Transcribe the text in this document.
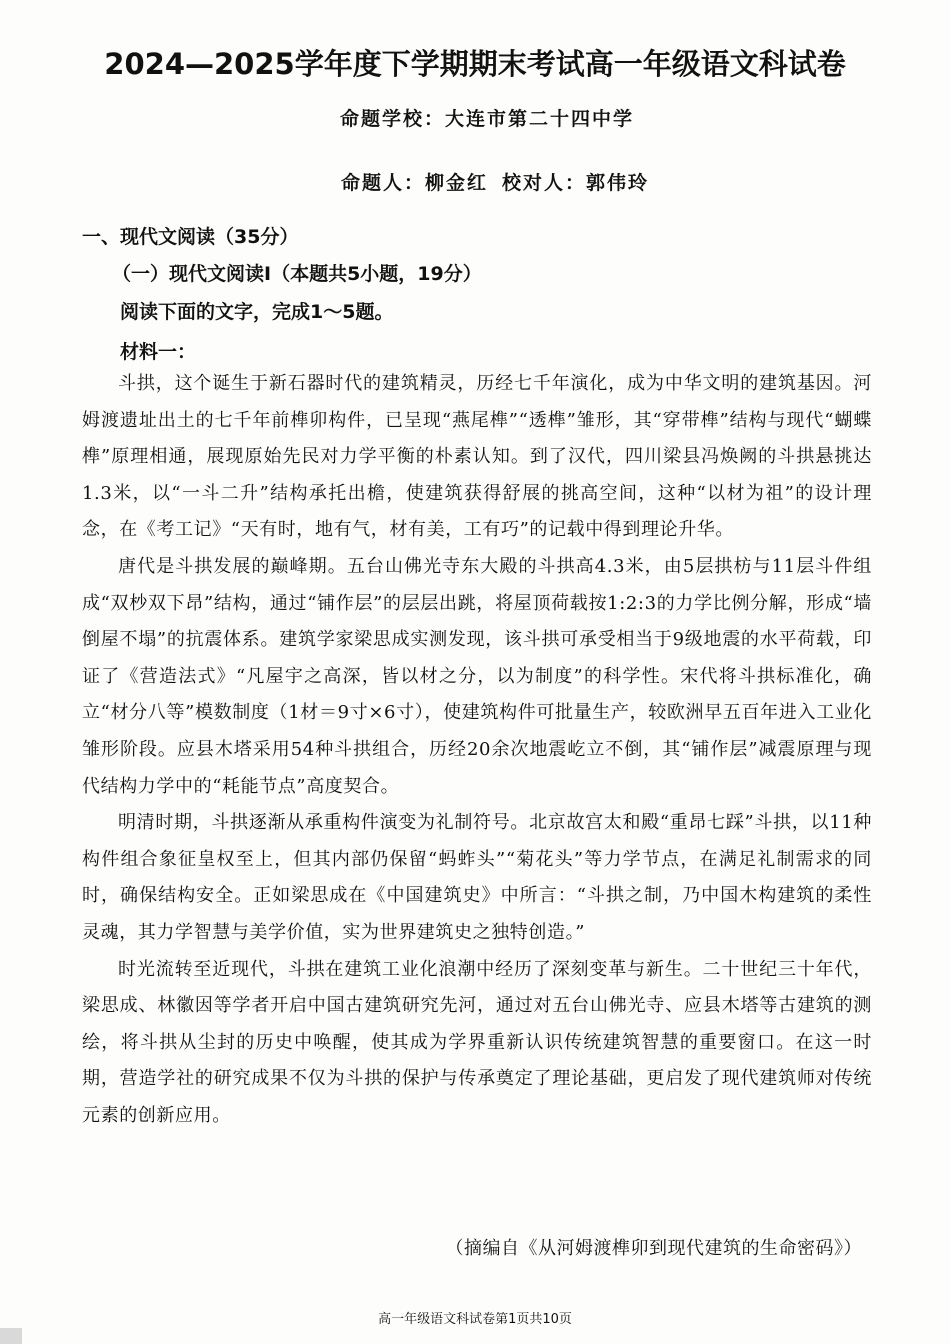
2024—2025学年度下学期期末考试高一年级语文科试卷
命题学校：大连市第二十四中学
命题人：柳金红 校对人：郭伟玲
一、现代文阅读（35分）
（一）现代文阅读Ⅰ（本题共5小题，19分）
阅读下面的文字，完成1～5题。
材料一：

斗拱，这个诞生于新石器时代的建筑精灵，历经七千年演化，成为中华文明的建筑基因。河姆渡遗址出土的七千年前榫卯构件，已呈现“燕尾榫”“透榫”雏形，其“穿带榫”结构与现代“蝴蝶榫”原理相通，展现原始先民对力学平衡的朴素认知。到了汉代，四川梁县冯焕阙的斗拱悬挑达1.3米，以“一斗二升”结构承托出檐，使建筑获得舒展的挑高空间，这种“以材为祖”的设计理念，在《考工记》“天有时，地有气，材有美，工有巧”的记载中得到理论升华。

唐代是斗拱发展的巅峰期。五台山佛光寺东大殿的斗拱高4.3米，由5层拱枋与11层斗件组成“双杪双下昂”结构，通过“铺作层”的层层出跳，将屋顶荷载按1:2:3的力学比例分解，形成“墙倒屋不塌”的抗震体系。建筑学家梁思成实测发现，该斗拱可承受相当于9级地震的水平荷载，印证了《营造法式》“凡屋宇之高深，皆以材之分，以为制度”的科学性。宋代将斗拱标准化，确立“材分八等”模数制度（1材＝9寸×6寸），使建筑构件可批量生产，较欧洲早五百年进入工业化雏形阶段。应县木塔采用54种斗拱组合，历经20余次地震屹立不倒，其“铺作层”减震原理与现代结构力学中的“耗能节点”高度契合。

明清时期，斗拱逐渐从承重构件演变为礼制符号。北京故宫太和殿“重昂七踩”斗拱，以11种构件组合象征皇权至上，但其内部仍保留“蚂蚱头”“菊花头”等力学节点，在满足礼制需求的同时，确保结构安全。正如梁思成在《中国建筑史》中所言：“斗拱之制，乃中国木构建筑的柔性灵魂，其力学智慧与美学价值，实为世界建筑史之独特创造。”

时光流转至近现代，斗拱在建筑工业化浪潮中经历了深刻变革与新生。二十世纪三十年代，梁思成、林徽因等学者开启中国古建筑研究先河，通过对五台山佛光寺、应县木塔等古建筑的测绘，将斗拱从尘封的历史中唤醒，使其成为学界重新认识传统建筑智慧的重要窗口。在这一时期，营造学社的研究成果不仅为斗拱的保护与传承奠定了理论基础，更启发了现代建筑师对传统元素的创新应用。

（摘编自《从河姆渡榫卯到现代建筑的生命密码》）
高一年级语文科试卷第1页共10页
